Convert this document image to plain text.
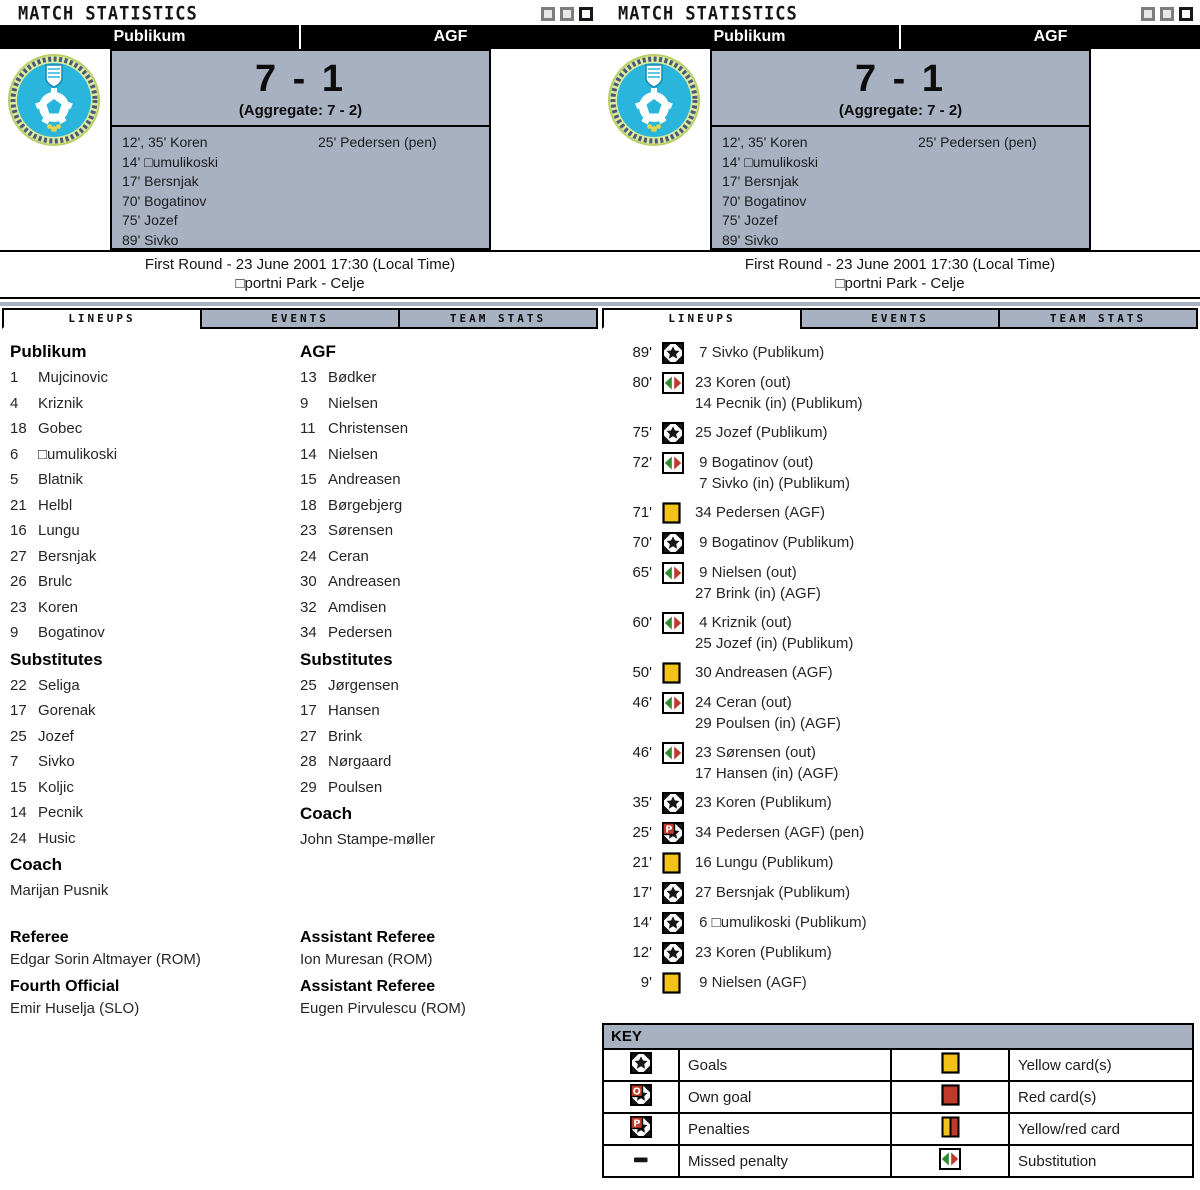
MATCH STATISTICS
Publikum	AGF
7 - 1
(Aggregate: 7 - 2)
12', 35' Koren
14' □umulikoski
17' Bersnjak
70' Bogatinov
75' Jozef
89' Sivko
25' Pedersen (pen)
First Round - 23 June 2001 17:30 (Local Time)
□portni Park - Celje
LINEUPS	EVENTS	TEAM STATS
Publikum
1	Mujcinovic
4	Kriznik
18 Gobec
6	□umulikoski
5	Blatnik
21 Helbl
16 Lungu
27 Bersnjak
26 Brulc
23 Koren
9	Bogatinov
Substitutes
22 Seliga
17 Gorenak
25 Jozef
7	Sivko
15 Koljic
14 Pecnik
24 Husic
Coach
Marijan Pusnik
AGF
13 Bødker
9	Nielsen
11 Christensen
14 Nielsen
15 Andreasen
18 Børgebjerg
23 Sørensen
24 Ceran
30 Andreasen
32 Amdisen
34 Pedersen
Substitutes
25 Jørgensen
17 Hansen
27 Brink
28 Nørgaard
29 Poulsen
Coach
John Stampe-møller
Referee
Edgar Sorin Altmayer (ROM)
Fourth Official
Emir Huselja (SLO)
Assistant Referee
Ion Muresan (ROM)
Assistant Referee
Eugen Pirvulescu (ROM)
MATCH STATISTICS
Publikum	AGF
7 - 1
(Aggregate: 7 - 2)
12', 35' Koren
14' □umulikoski
17' Bersnjak
70' Bogatinov
75' Jozef
89' Sivko
25' Pedersen (pen)
First Round - 23 June 2001 17:30 (Local Time)
□portni Park - Celje
LINEUPS	EVENTS	TEAM STATS
89'	7 Sivko (Publikum)
80'	23 Koren (out)
14 Pecnik (in) (Publikum)
75'	25 Jozef (Publikum)
72'	9 Bogatinov (out)
7 Sivko (in) (Publikum)
71'	34 Pedersen (AGF)
70'	9 Bogatinov (Publikum)
65'	9 Nielsen (out)
27 Brink (in) (AGF)
60'	4 Kriznik (out)
25 Jozef (in) (Publikum)
50'	30 Andreasen (AGF)
46'	24 Ceran (out)
29 Poulsen (in) (AGF)
46'	23 Sørensen (out)
17 Hansen (in) (AGF)
35'	23 Koren (Publikum)
25'	P 34 Pedersen (AGF) (pen)
21'	16 Lungu (Publikum)
17'	27 Bersnjak (Publikum)
14'	6 □umulikoski (Publikum)
12'	23 Koren (Publikum)
9'	9 Nielsen (AGF)
KEY			
	Goals		Yellow card(s)

O	Own goal		Red card(s)

P	Penalties		Yellow/red card
	Missed penalty		Substitution
